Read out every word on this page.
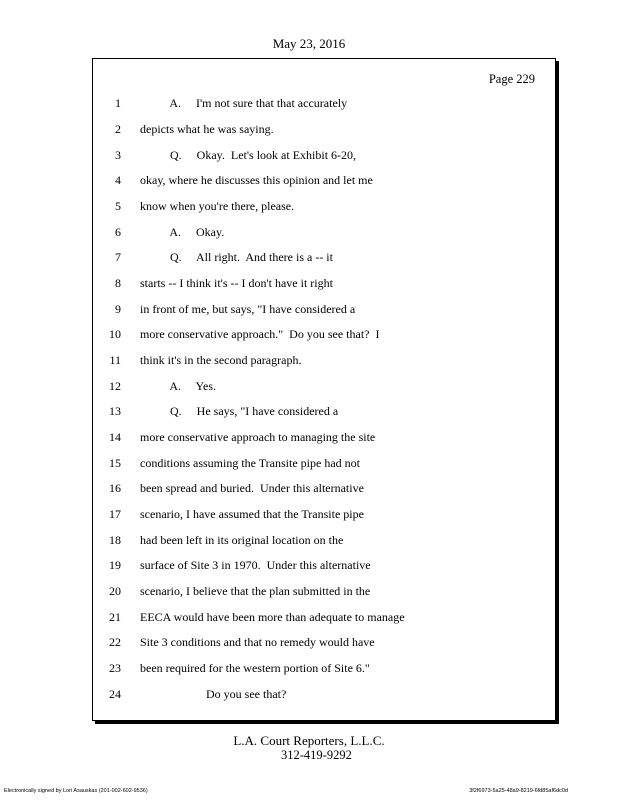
May 23, 2016
Page 229
1 A.     I'm not sure that that accurately
2 depicts what he was saying.
3 Q.     Okay.  Let's look at Exhibit 6-20,
4 okay, where he discusses this opinion and let me
5 know when you're there, please.
6 A.     Okay.
7 Q.     All right.  And there is a -- it
8 starts -- I think it's -- I don't have it right
9 in front of me, but says, "I have considered a
10 more conservative approach."  Do you see that?  I
11 think it's in the second paragraph.
12 A.     Yes.
13 Q.     He says, "I have considered a
14 more conservative approach to managing the site
15 conditions assuming the Transite pipe had not
16 been spread and buried.  Under this alternative
17 scenario, I have assumed that the Transite pipe
18 had been left in its original location on the
19 surface of Site 3 in 1970.  Under this alternative
20 scenario, I believe that the plan submitted in the
21 EECA would have been more than adequate to manage
22 Site 3 conditions and that no remedy would have
23 been required for the western portion of Site 6."
24 Do you see that?
L.A. Court Reporters, L.L.C.
312-419-9292
Electronically signed by Lori Asauskas (201-002-602-9536)	3f2f6973-5a25-48a9-8219-6fd85af6dc0d
